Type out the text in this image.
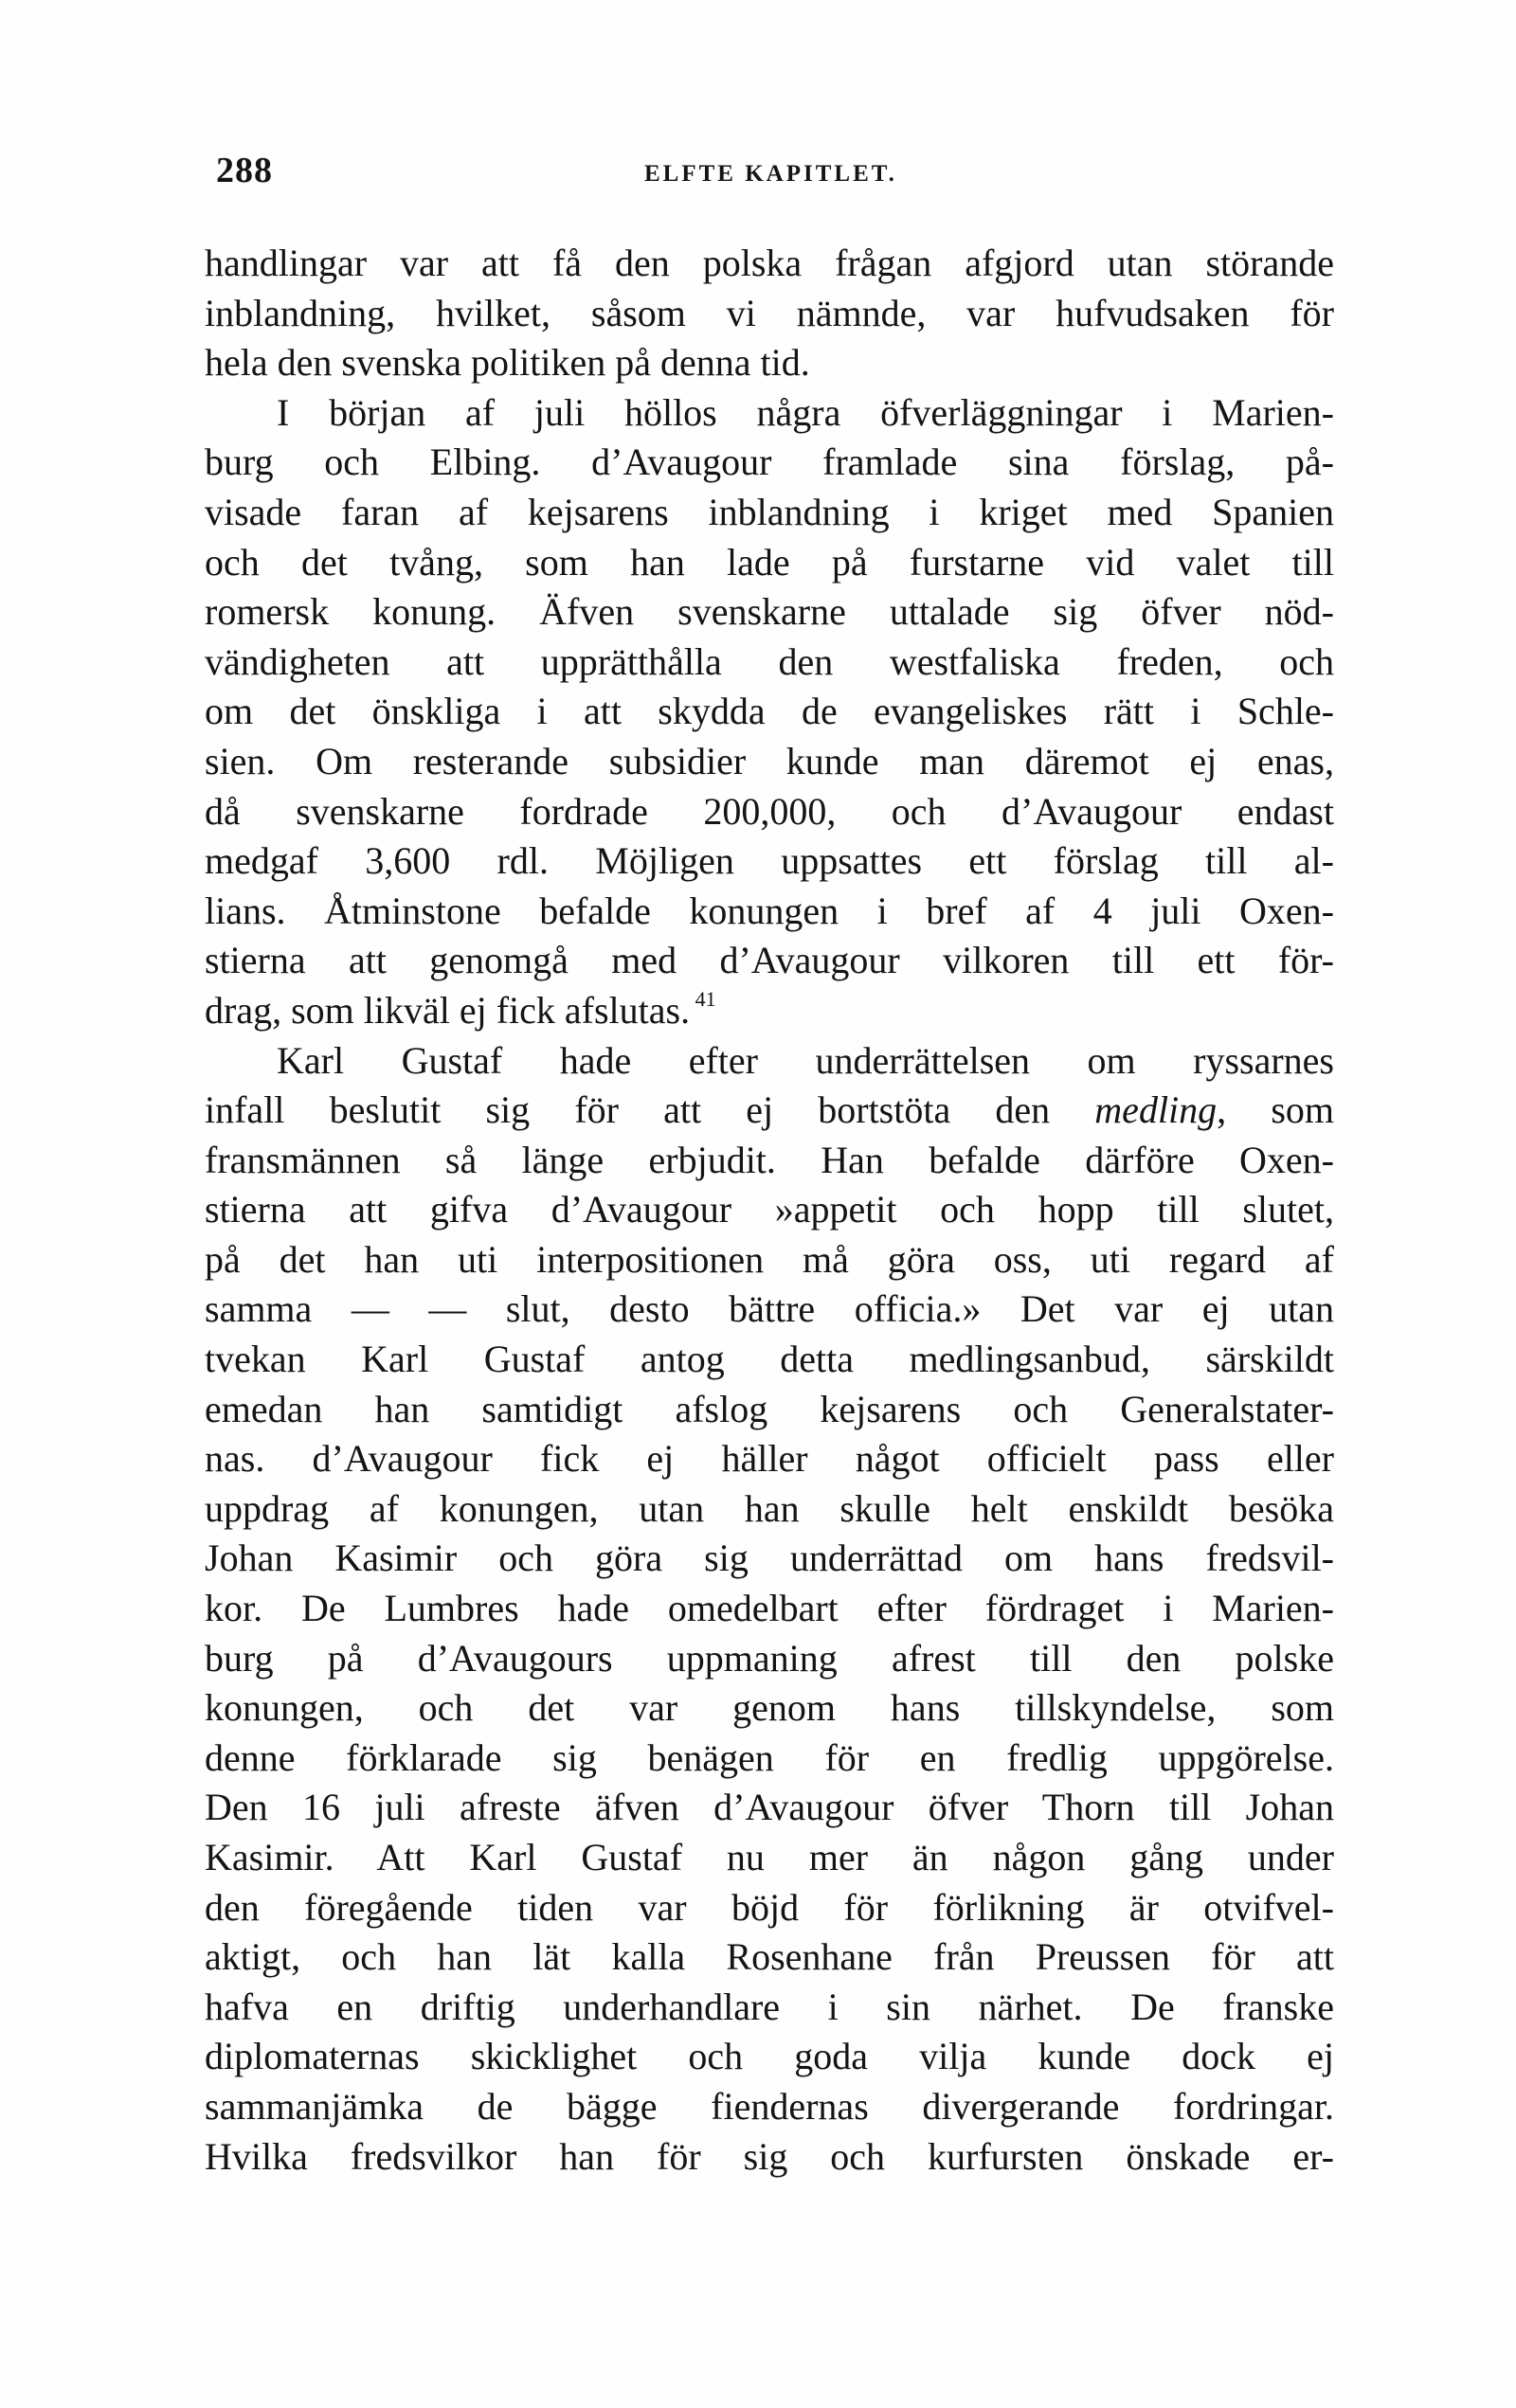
288	ELFTE KAPITLET.
handlingar var att få den polska frågan afgjord utan störande
inblandning, hvilket, såsom vi nämnde, var hufvudsaken för
hela den svenska politiken på denna tid.
I början af juli höllos några öfverläggningar i Marien-
burg och Elbing. d’Avaugour framlade sina förslag, på-
visade faran af kejsarens inblandning i kriget med Spanien
och det tvång, som han lade på furstarne vid valet till
romersk konung. Äfven svenskarne uttalade sig öfver nöd-
vändigheten att upprätthålla den westfaliska freden, och
om det önskliga i att skydda de evangeliskes rätt i Schle-
sien. Om resterande subsidier kunde man däremot ej enas,
då svenskarne fordrade 200,000, och d’Avaugour endast
medgaf 3,600 rdl. Möjligen uppsattes ett förslag till al-
lians. Åtminstone befalde konungen i bref af 4 juli Oxen-
stierna att genomgå med d’Avaugour vilkoren till ett för-
drag, som likväl ej fick afslutas. $^{41}$
Karl Gustaf hade efter underrättelsen om ryssarnes
infall beslutit sig för att ej bortstöta den medling, som
fransmännen så länge erbjudit. Han befalde därföre Oxen-
stierna att gifva d’Avaugour »appetit och hopp till slutet,
på det han uti interpositionen må göra oss, uti regard af
samma — — slut, desto bättre officia.» Det var ej utan
tvekan Karl Gustaf antog detta medlingsanbud, särskildt
emedan han samtidigt afslog kejsarens och Generalstater-
nas. d’Avaugour fick ej häller något officielt pass eller
uppdrag af konungen, utan han skulle helt enskildt besöka
Johan Kasimir och göra sig underrättad om hans fredsvil-
kor. De Lumbres hade omedelbart efter fördraget i Marien-
burg på d’Avaugours uppmaning afrest till den polske
konungen, och det var genom hans tillskyndelse, som
denne förklarade sig benägen för en fredlig uppgörelse.
Den 16 juli afreste äfven d’Avaugour öfver Thorn till Johan
Kasimir. Att Karl Gustaf nu mer än någon gång under
den föregående tiden var böjd för förlikning är otvifvel-
aktigt, och han lät kalla Rosenhane från Preussen för att
hafva en driftig underhandlare i sin närhet. De franske
diplomaternas skicklighet och goda vilja kunde dock ej
sammanjämka de bägge fiendernas divergerande fordringar.
Hvilka fredsvilkor han för sig och kurfursten önskade er-
